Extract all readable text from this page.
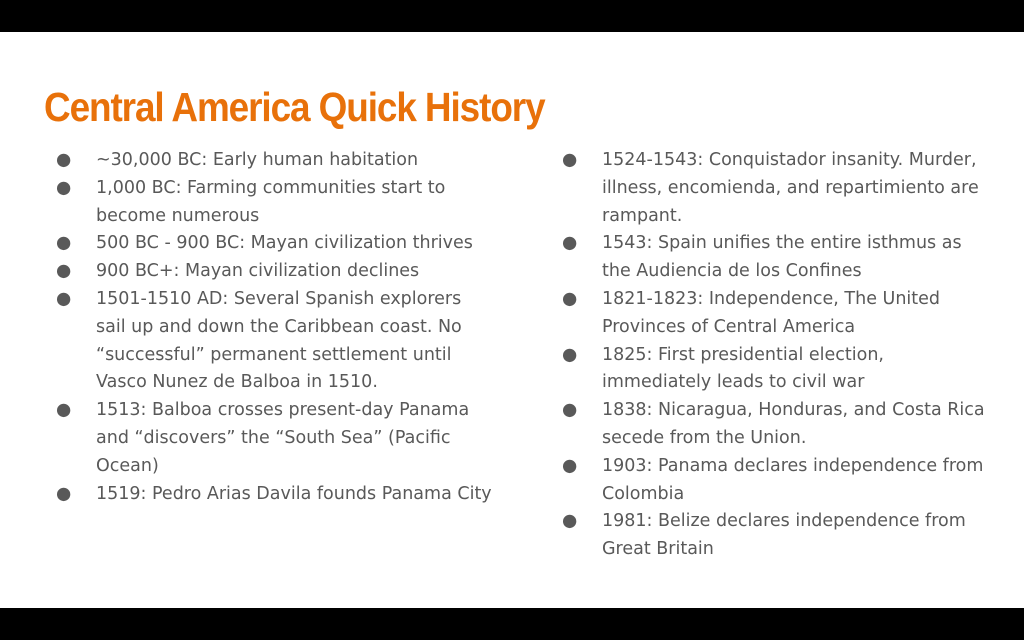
Central America Quick History
● ~30,000 BC: Early human habitation
● 1,000 BC: Farming communities start to become numerous
● 500 BC - 900 BC: Mayan civilization thrives
● 900 BC+: Mayan civilization declines
● 1501-1510 AD: Several Spanish explorers sail up and down the Caribbean coast. No “successful” permanent settlement until Vasco Nunez de Balboa in 1510.
● 1513: Balboa crosses present-day Panama and “discovers” the “South Sea” (Pacific Ocean)
● 1519: Pedro Arias Davila founds Panama City
● 1524-1543: Conquistador insanity. Murder, illness, encomienda, and repartimiento are rampant.
● 1543: Spain unifies the entire isthmus as the Audiencia de los Confines
● 1821-1823: Independence, The United Provinces of Central America
● 1825: First presidential election, immediately leads to civil war
● 1838: Nicaragua, Honduras, and Costa Rica secede from the Union.
● 1903: Panama declares independence from Colombia
● 1981: Belize declares independence from Great Britain
